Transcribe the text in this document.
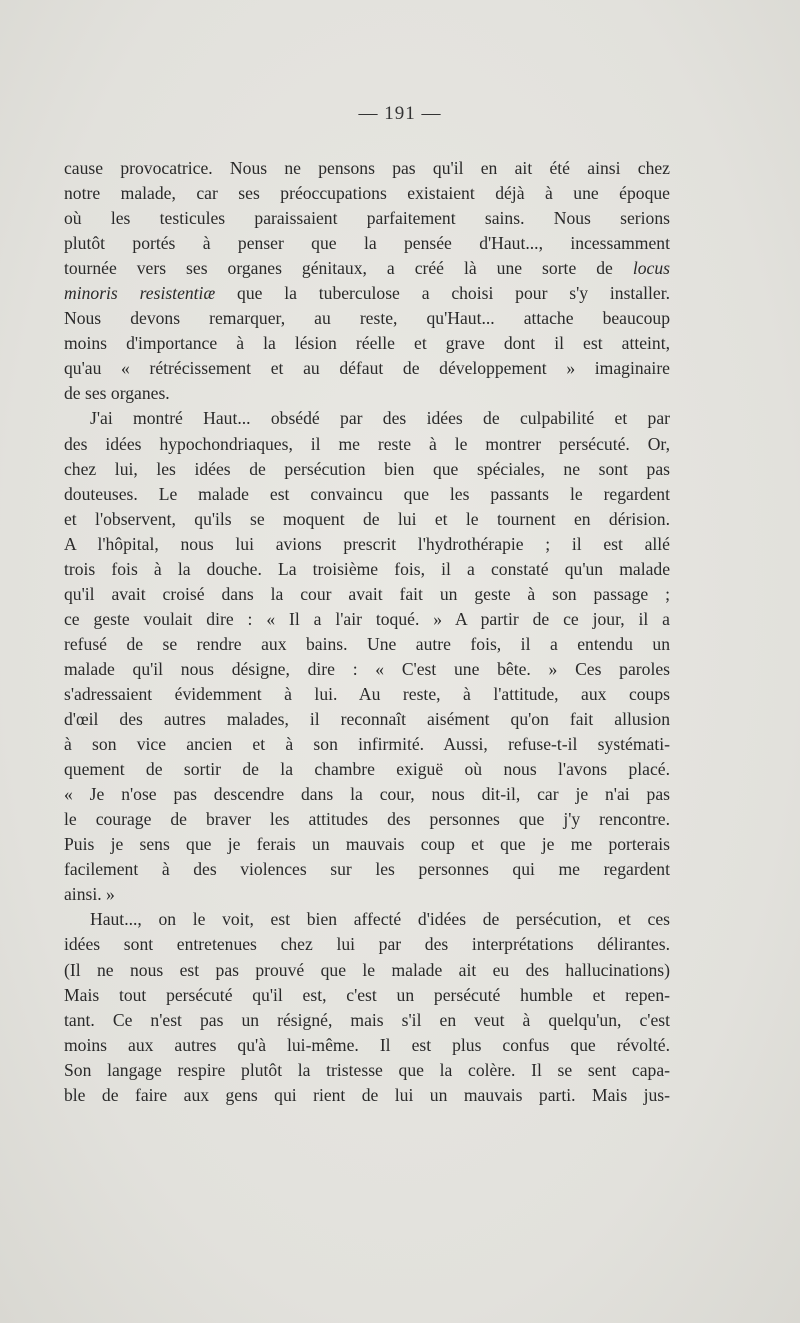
— 191 —
cause provocatrice. Nous ne pensons pas qu'il en ait été ainsi chez
notre malade, car ses préoccupations existaient déjà à une époque
où les testicules paraissaient parfaitement sains. Nous serions
plutôt portés à penser que la pensée d'Haut..., incessamment
tournée vers ses organes génitaux, a créé là une sorte de locus
minoris resistentiæ que la tuberculose a choisi pour s'y installer.
Nous devons remarquer, au reste, qu'Haut... attache beaucoup
moins d'importance à la lésion réelle et grave dont il est atteint,
qu'au « rétrécissement et au défaut de développement » imaginaire
de ses organes.
J'ai montré Haut... obsédé par des idées de culpabilité et par
des idées hypochondriaques, il me reste à le montrer persécuté. Or,
chez lui, les idées de persécution bien que spéciales, ne sont pas
douteuses. Le malade est convaincu que les passants le regardent
et l'observent, qu'ils se moquent de lui et le tournent en dérision.
A l'hôpital, nous lui avions prescrit l'hydrothérapie ; il est allé
trois fois à la douche. La troisième fois, il a constaté qu'un malade
qu'il avait croisé dans la cour avait fait un geste à son passage ;
ce geste voulait dire : « Il a l'air toqué. » A partir de ce jour, il a
refusé de se rendre aux bains. Une autre fois, il a entendu un
malade qu'il nous désigne, dire : « C'est une bête. » Ces paroles
s'adressaient évidemment à lui. Au reste, à l'attitude, aux coups
d'œil des autres malades, il reconnaît aisément qu'on fait allusion
à son vice ancien et à son infirmité. Aussi, refuse-t-il systémati-
quement de sortir de la chambre exiguë où nous l'avons placé.
« Je n'ose pas descendre dans la cour, nous dit-il, car je n'ai pas
le courage de braver les attitudes des personnes que j'y rencontre.
Puis je sens que je ferais un mauvais coup et que je me porterais
facilement à des violences sur les personnes qui me regardent
ainsi. »
Haut..., on le voit, est bien affecté d'idées de persécution, et ces
idées sont entretenues chez lui par des interprétations délirantes.
(Il ne nous est pas prouvé que le malade ait eu des hallucinations)
Mais tout persécuté qu'il est, c'est un persécuté humble et repen-
tant. Ce n'est pas un résigné, mais s'il en veut à quelqu'un, c'est
moins aux autres qu'à lui-même. Il est plus confus que révolté.
Son langage respire plutôt la tristesse que la colère. Il se sent capa-
ble de faire aux gens qui rient de lui un mauvais parti. Mais jus-
